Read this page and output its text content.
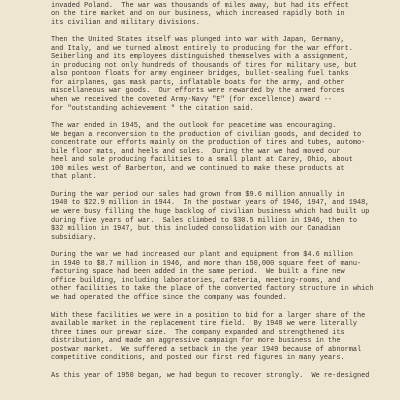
invaded Poland.  The war was thousands of miles away, but had its effect
on the tire market and on our business, which increased rapidly both in
its civilian and military divisions.

Then the United States itself was plunged into war with Japan, Germany,
and Italy, and we turned almost entirely to producing for the war effort.
Seiberling and its employees distinguished themselves with a assignment,
in producing not only hundreds of thousands of tires for military use, but
also pontoon floats for army engineer bridges, bullet-sealing fuel tanks
for airplanes, gas mask parts, inflatable boats for the army, and other
miscellaneous war goods.  Our efforts were rewarded by the armed forces
when we received the coveted Army-Navy "E" (for excellence) award --
for "outstanding achievement " the citation said.

The war ended in 1945, and the outlook for peacetime was encouraging.
We began a reconversion to the production of civilian goods, and decided to
concentrate our efforts mainly on the production of tires and tubes, automo-
bile floor mats, and heels and soles.  During the war we had moved our
heel and sole producing facilities to a small plant at Carey, Ohio, about
100 miles west of Barberton, and we continued to make these products at
that plant.

During the war period our sales had grown from $9.6 million annually in
1940 to $22.9 million in 1944.  In the postwar years of 1946, 1947, and 1948,
we were busy filling the huge backlog of civilian business which had built up
during five years of war.  Sales climbed to $30.5 million in 1946, then to
$32 million in 1947, but this included consolidation with our Canadian
subsidiary.

During the war we had increased our plant and equipment from $4.6 million
in 1940 to $8.7 million in 1946, and more than 150,000 square feet of manu-
facturing space had been added in the same period.  We built a fine new
office building, including laboratories, cafeteria, meeting-rooms, and
other facilities to take the place of the converted factory structure in which
we had operated the office since the company was founded.

With these facilities we were in a position to bid for a larger share of the
available market in the replacement tire field.  By 1948 we were literally
three times our prewar size.  The company expanded and strengthened its
distribution, and made an aggressive campaign for more business in the
postwar market.  We suffered a setback in the year 1949 because of abnormal
competitive conditions, and posted our first red figures in many years.

As this year of 1950 began, we had begun to recover strongly.  We re-designed
